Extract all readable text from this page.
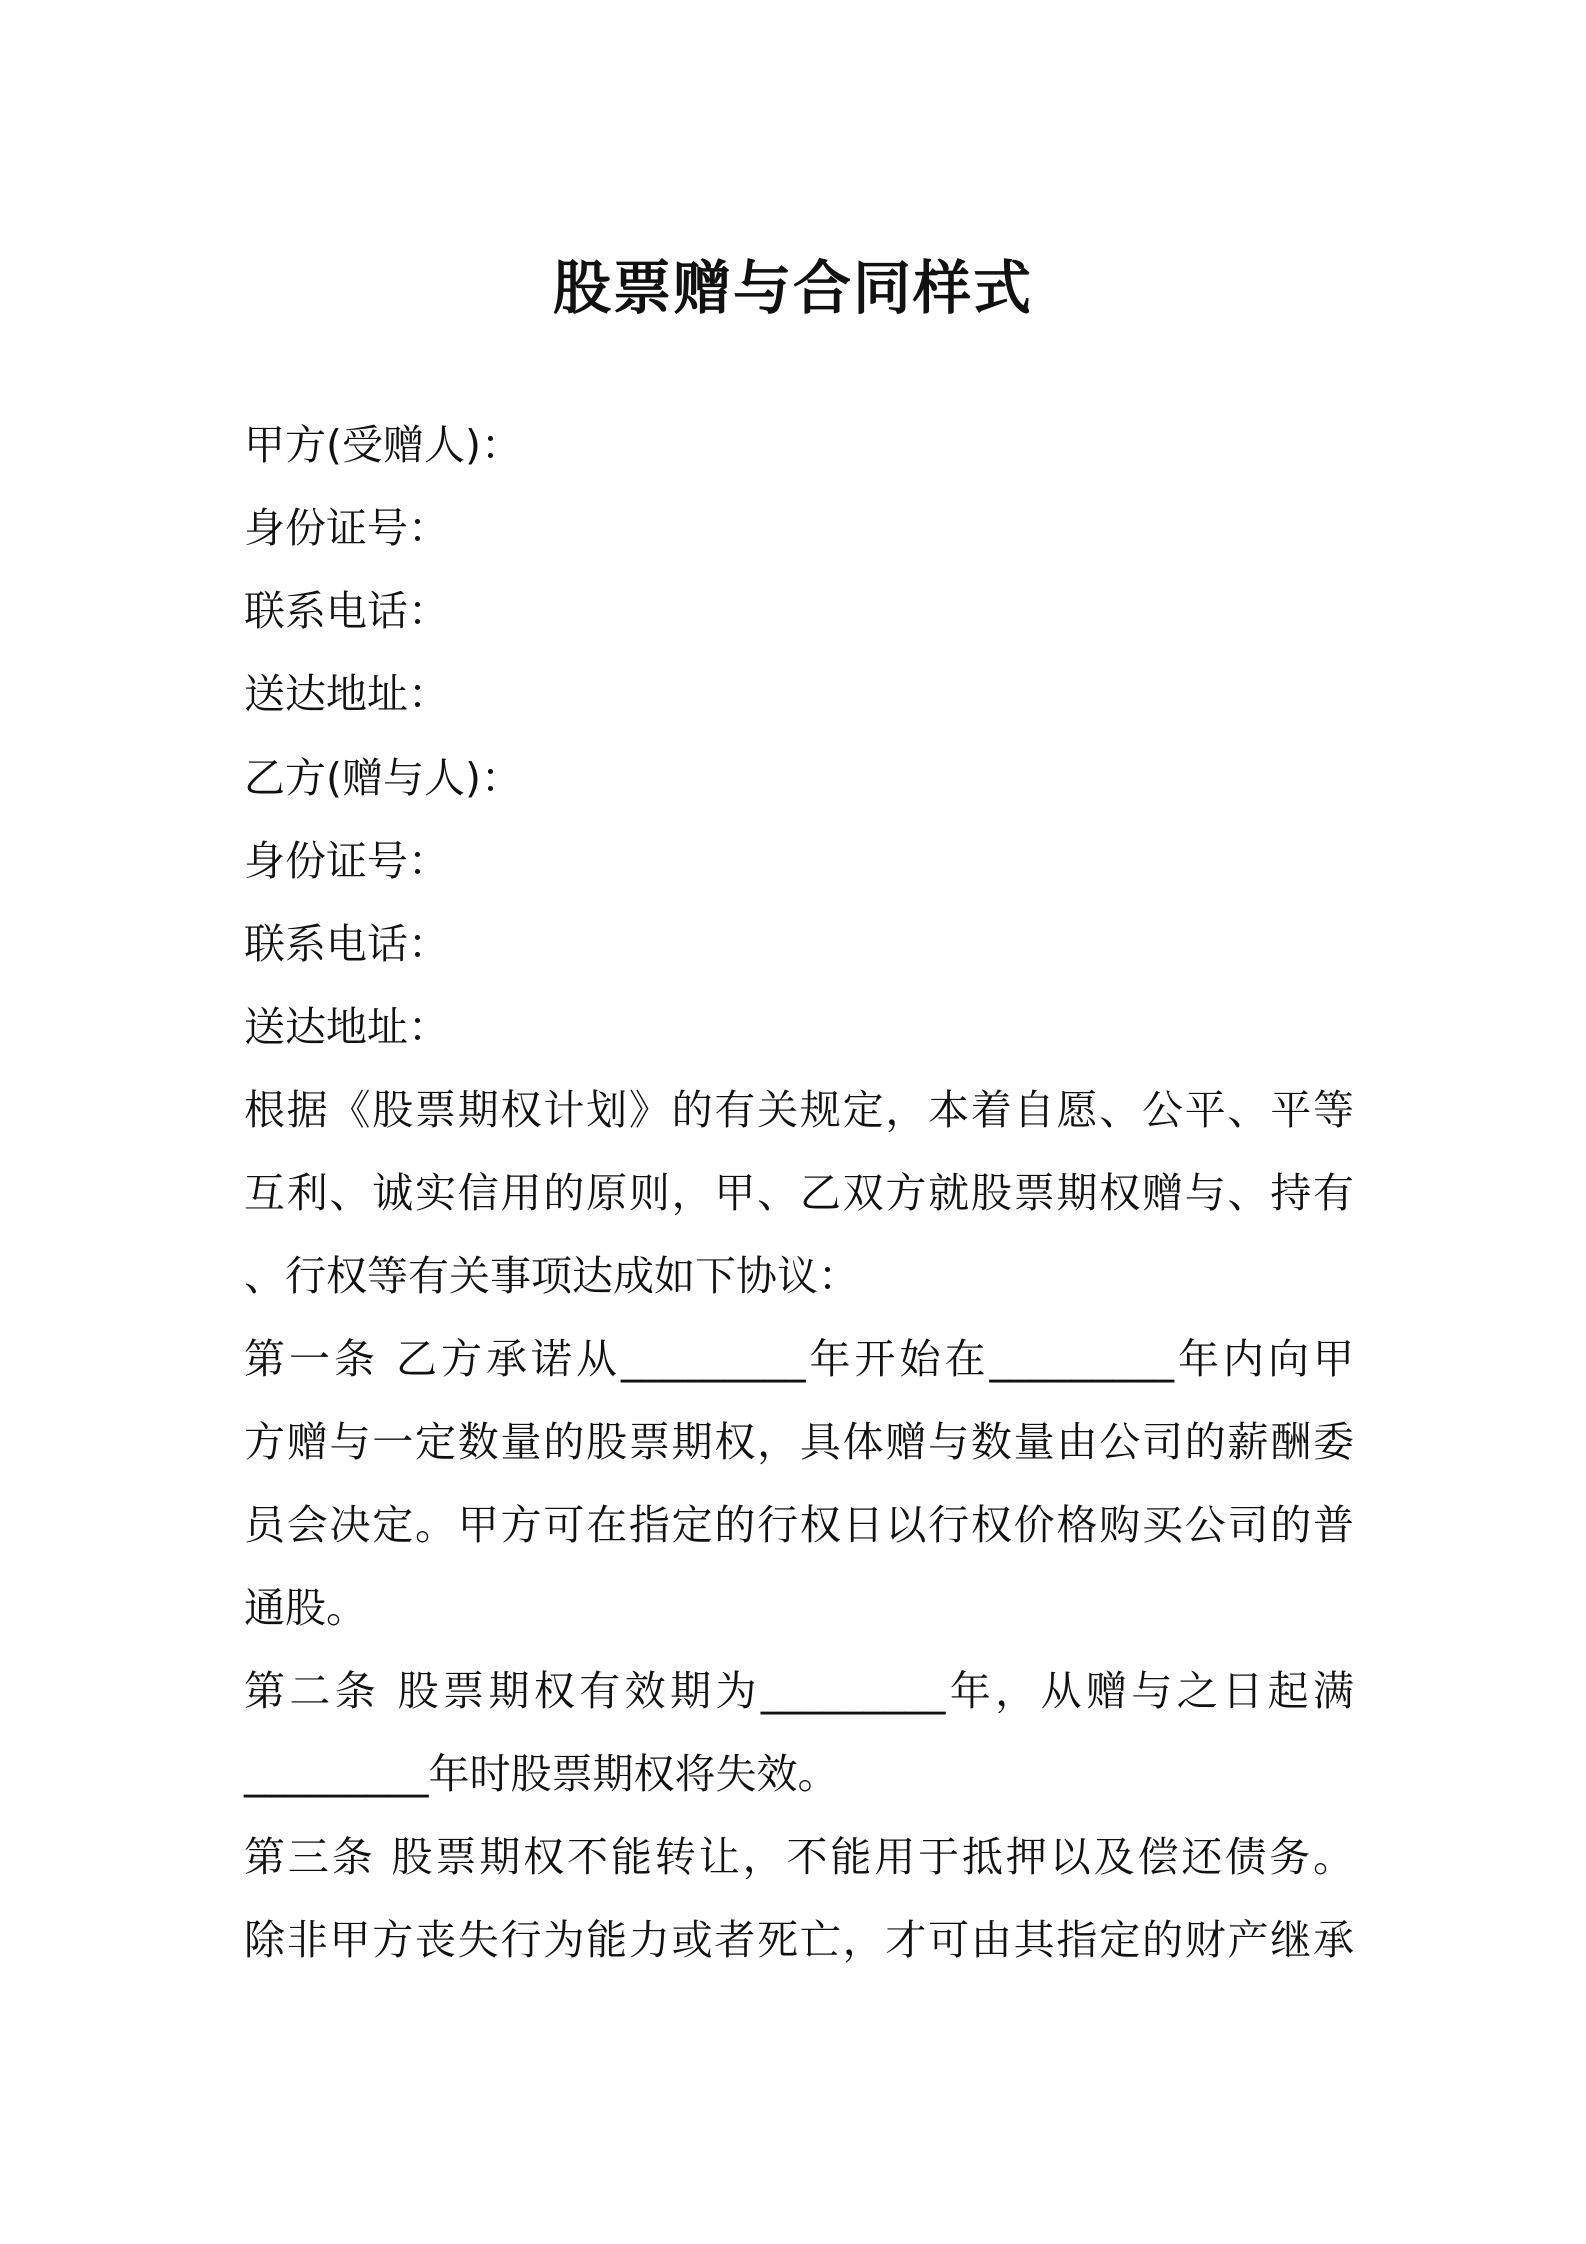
股票赠与合同样式
甲方(受赠人)：
身份证号：
联系电话：
送达地址：
乙方(赠与人)：
身份证号：
联系电话：
送达地址：
根据《股票期权计划》的有关规定，本着自愿、公平、平等
互利、诚实信用的原则，甲、乙双方就股票期权赠与、持有
、行权等有关事项达成如下协议：
第一条 乙方承诺从_________年开始在_________年内向甲
方赠与一定数量的股票期权，具体赠与数量由公司的薪酬委
员会决定。甲方可在指定的行权日以行权价格购买公司的普
通股。
第二条 股票期权有效期为_________年，从赠与之日起满
_________年时股票期权将失效。
第三条 股票期权不能转让，不能用于抵押以及偿还债务。
除非甲方丧失行为能力或者死亡，才可由其指定的财产继承
